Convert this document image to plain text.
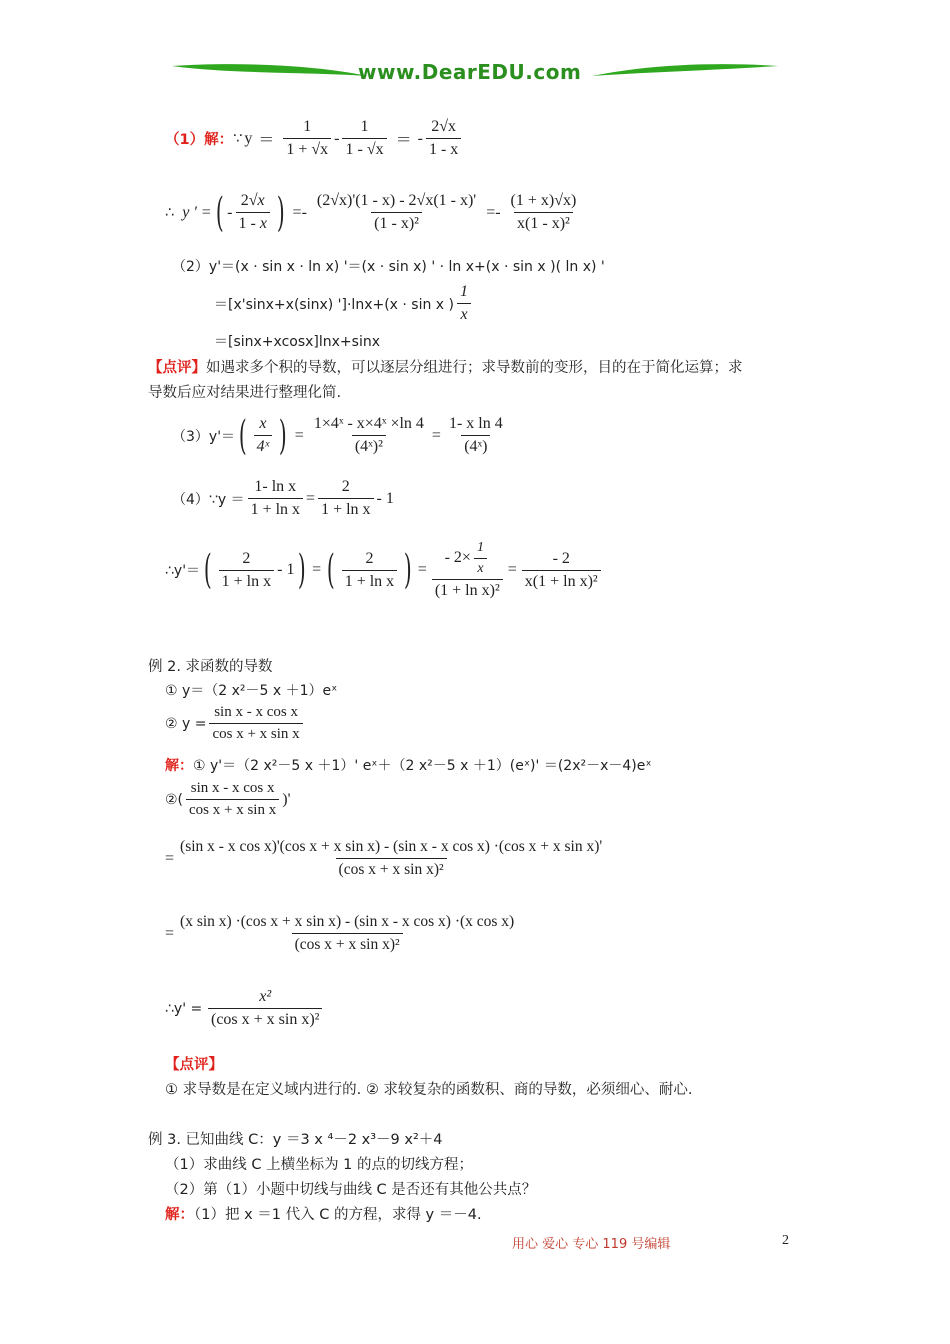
www.DearEDU.com
（1）解： ∵ $y = \frac{1}{1 + √x} - \frac{1}{1 - √x}$ ＝ - $\frac{2√x}{1 - x}$
∴ y ' = ( - $\frac{2√x}{1 - x}$ ) =- $\frac{(2√x)'(1 - x) - 2√x(1 - x)'}{\text{(1 - x)²}} =- \frac{(1 + x)√x)}{\text{x(1 - x)²}}$
（2）y'＝(x · sin x · ln x) '＝(x · sin x) ' · ln x+(x · sin x )( ln x) '
＝[x'sinx+x(sinx) ']·lnx+(x · sin x ) $\frac{1}{x}$
＝[sinx+xcosx]lnx+sinx
【点评】如遇求多个积的导数，可以逐层分组进行；求导数前的变形，目的在于简化运算；求
导数后应对结果进行整理化简.
（3）y'＝ ( $\frac{x}{\text{4ˣ}}$ ) = $\frac{\text{1×4ˣ - x×4ˣ ×ln 4}}{\text{(4ˣ)²}} = \frac{\text{1- x ln 4}}{\text{(4ˣ)}}$
（4）∵y ＝ $\frac{\text{1- ln x}}{\text{1 + ln x}} = \frac{2}{\text{1 + ln x}} - 1$
∴y'＝ ( $\frac{2}{\text{1 + ln x}} - 1$ ) = ( $\frac{2}{\text{1 + ln x}}$ ) = $\frac{- 2\times \frac{1}{x}}{\text{(1 + ln x)²}} = \frac{- 2}{\text{x(1 + ln x)²}}$
例 2. 求函数的导数
① y＝（2 x²－5 x ＋1）eˣ
② $y = \frac{\text{sin x - x cos x}}{\text{cos x + x sin x}}$
解：① y'＝（2 x²－5 x ＋1）' eˣ＋（2 x²－5 x ＋1）(eˣ)' ＝(2x²－x－4)eˣ
②( $\frac{\text{sin x - x cos x}}{\text{cos x + x sin x}}$ )'
=
(sin x - x cos x)'(cos x + x sin x) - (sin x - x cos x) ·(cos x + x sin x)'
(cos x + x sin x)²
= $\frac{\text{(x sin x) ·(cos x + x sin x) - (sin x - x cos x) ·(x cos x)}}{\text{(cos x + x sin x)²}}$
∴y' = $\frac{\text{x²}}{\text{(cos x + x sin x)²}}$
【点评】
① 求导数是在定义域内进行的. ② 求较复杂的函数积、商的导数，必须细心、耐心.
例 3. 已知曲线 C：y ＝3 x ⁴－2 x³－9 x²＋4
（1）求曲线 C 上横坐标为 1 的点的切线方程；
（2）第（1）小题中切线与曲线 C 是否还有其他公共点？
解：（1）把 x ＝1 代入 C 的方程，求得 y ＝－4.
用心 爱心 专心 119 号编辑	2
